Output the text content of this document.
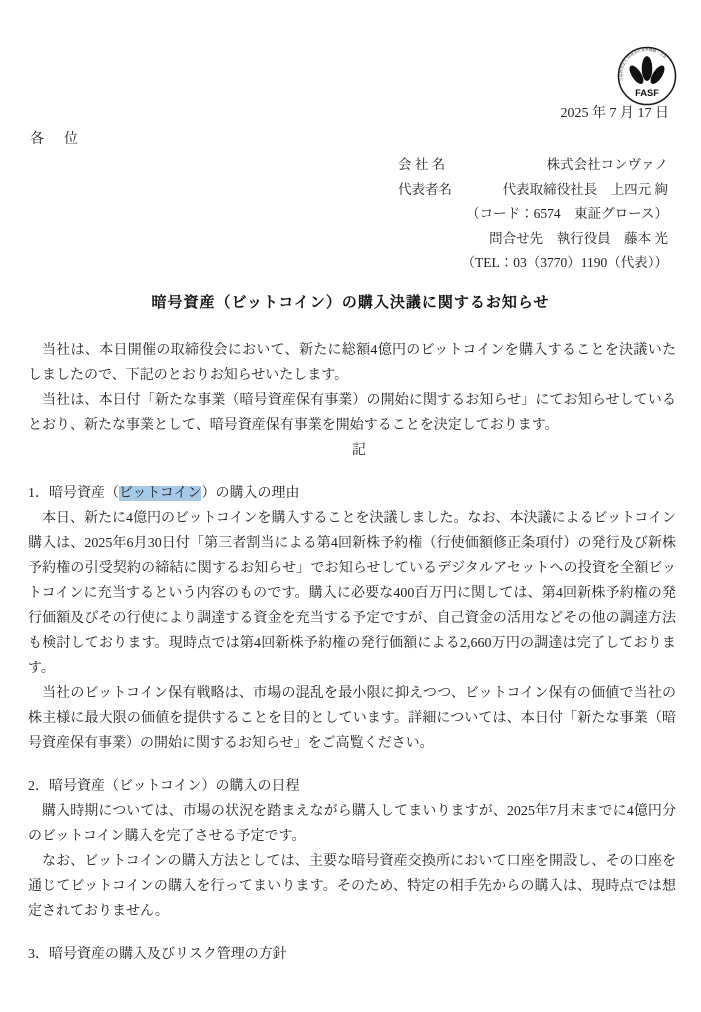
公益財団法人 財務会計基準機構・会員
FASF
2025 年 7 月 17 日
各　位
会 社 名	株式会社コンヴァノ
代表者名	代表取締役社長　上四元 絢
（コード：6574　東証グロース）
問合せ先　執行役員　藤本 光
（TEL：03（3770）1190（代表））
暗号資産（ビットコイン）の購入決議に関するお知らせ

当社は、本日開催の取締役会において、新たに総額4億円のビットコインを購入することを決議いたしましたので、下記のとおりお知らせいたします。

当社は、本日付「新たな事業（暗号資産保有事業）の開始に関するお知らせ」にてお知らせしているとおり、新たな事業として、暗号資産保有事業を開始することを決定しております。

記

1．暗号資産（ビットコイン）の購入の理由

本日、新たに4億円のビットコインを購入することを決議しました。なお、本決議によるビットコイン購入は、2025年6月30日付「第三者割当による第4回新株予約権（行使価額修正条項付）の発行及び新株予約権の引受契約の締結に関するお知らせ」でお知らせしているデジタルアセットへの投資を全額ビットコインに充当するという内容のものです。購入に必要な400百万円に関しては、第4回新株予約権の発行価額及びその行使により調達する資金を充当する予定ですが、自己資金の活用などその他の調達方法も検討しております。現時点では第4回新株予約権の発行価額による2,660万円の調達は完了しております。

当社のビットコイン保有戦略は、市場の混乱を最小限に抑えつつ、ビットコイン保有の価値で当社の株主様に最大限の価値を提供することを目的としています。詳細については、本日付「新たな事業（暗号資産保有事業）の開始に関するお知らせ」をご高覧ください。

2．暗号資産（ビットコイン）の購入の日程

購入時期については、市場の状況を踏まえながら購入してまいりますが、2025年7月末までに4億円分のビットコイン購入を完了させる予定です。

なお、ビットコインの購入方法としては、主要な暗号資産交換所において口座を開設し、その口座を通じてビットコインの購入を行ってまいります。そのため、特定の相手先からの購入は、現時点では想定されておりません。

3．暗号資産の購入及びリスク管理の方針
